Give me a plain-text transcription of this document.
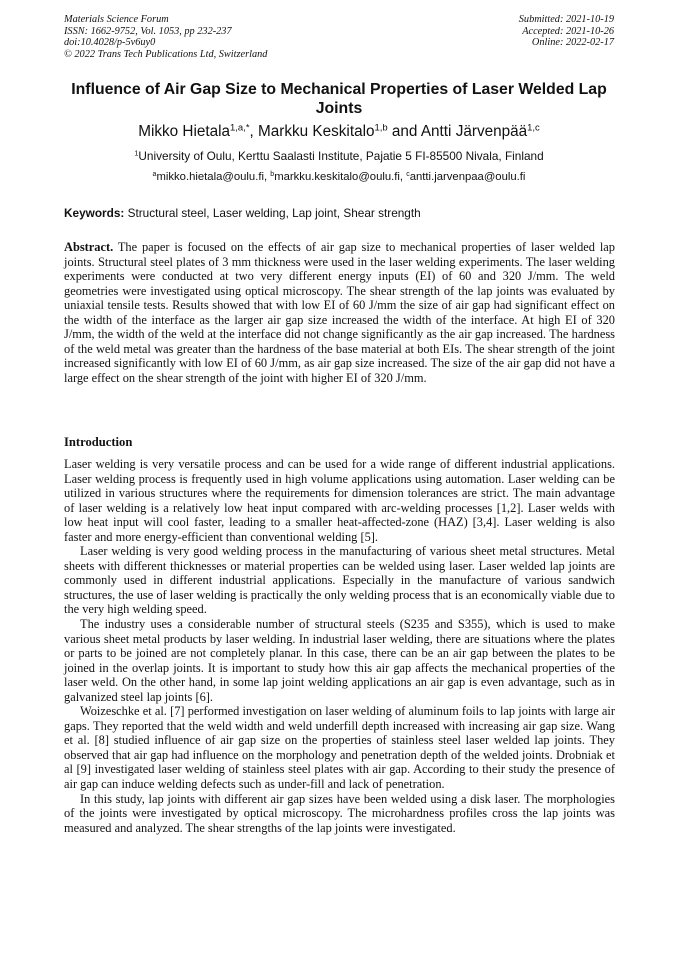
Materials Science Forum
ISSN: 1662-9752, Vol. 1053, pp 232-237
doi:10.4028/p-5v6uy0
© 2022 Trans Tech Publications Ltd, Switzerland
Submitted: 2021-10-19
Accepted: 2021-10-26
Online: 2022-02-17
Influence of Air Gap Size to Mechanical Properties of Laser Welded Lap Joints
Mikko Hietala$^{1,a,*}$, Markku Keskitalo$^{1,b}$ and Antti Järvenpää$^{1,c}$
$^1$University of Oulu, Kerttu Saalasti Institute, Pajatie 5 FI-85500 Nivala, Finland
$^a$mikko.hietala@oulu.fi, $^b$markku.keskitalo@oulu.fi, $^c$antti.jarvenpaa@oulu.fi
Keywords: Structural steel, Laser welding, Lap joint, Shear strength
Abstract. The paper is focused on the effects of air gap size to mechanical properties of laser welded lap joints. Structural steel plates of 3 mm thickness were used in the laser welding experiments. The laser welding experiments were conducted at two very different energy inputs (EI) of 60 and 320 J/mm. The weld geometries were investigated using optical microscopy. The shear strength of the lap joints was evaluated by uniaxial tensile tests. Results showed that with low EI of 60 J/mm the size of air gap had significant effect on the width of the interface as the larger air gap size increased the width of the interface. At high EI of 320 J/mm, the width of the weld at the interface did not change significantly as the air gap increased. The hardness of the weld metal was greater than the hardness of the base material at both EIs. The shear strength of the joint increased significantly with low EI of 60 J/mm, as air gap size increased. The size of the air gap did not have a large effect on the shear strength of the joint with higher EI of 320 J/mm.
Introduction

Laser welding is very versatile process and can be used for a wide range of different industrial applications. Laser welding process is frequently used in high volume applications using automation. Laser welding can be utilized in various structures where the requirements for dimension tolerances are strict. The main advantage of laser welding is a relatively low heat input compared with arc-welding processes [1,2]. Laser welds with low heat input will cool faster, leading to a smaller heat-affected-zone (HAZ) [3,4]. Laser welding is also faster and more energy-efficient than conventional welding [5].

Laser welding is very good welding process in the manufacturing of various sheet metal structures. Metal sheets with different thicknesses or material properties can be welded using laser. Laser welded lap joints are commonly used in different industrial applications. Especially in the manufacture of various sandwich structures, the use of laser welding is practically the only welding process that is an economically viable due to the very high welding speed.

The industry uses a considerable number of structural steels (S235 and S355), which is used to make various sheet metal products by laser welding. In industrial laser welding, there are situations where the plates or parts to be joined are not completely planar. In this case, there can be an air gap between the plates to be joined in the overlap joints. It is important to study how this air gap affects the mechanical properties of the laser weld. On the other hand, in some lap joint welding applications an air gap is even advantage, such as in galvanized steel lap joints [6].

Woizeschke et al. [7] performed investigation on laser welding of aluminum foils to lap joints with large air gaps. They reported that the weld width and weld underfill depth increased with increasing air gap size. Wang et al. [8] studied influence of air gap size on the properties of stainless steel laser welded lap joints. They observed that air gap had influence on the morphology and penetration depth of the welded joints. Drobniak et al [9] investigated laser welding of stainless steel plates with air gap. According to their study the presence of air gap can induce welding defects such as under-fill and lack of penetration.

In this study, lap joints with different air gap sizes have been welded using a disk laser. The morphologies of the joints were investigated by optical microscopy. The microhardness profiles cross the lap joints was measured and analyzed. The shear strengths of the lap joints were investigated.
